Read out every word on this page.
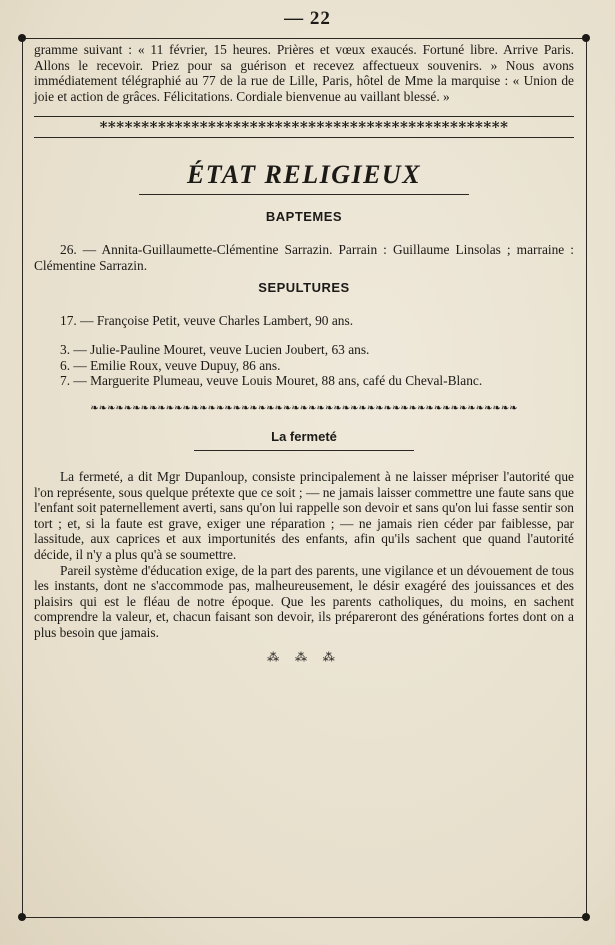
— 22

gramme suivant : « 11 février, 15 heures. Prières et vœux exaucés. Fortuné libre. Arrive Paris. Allons le recevoir. Priez pour sa guérison et recevez affectueux souvenirs. » Nous avons immédiatement télégraphié au 77 de la rue de Lille, Paris, hôtel de Mme la marquise : « Union de joie et action de grâces. Félicitations. Cordiale bienvenue au vaillant blessé. »

*************************************************
ÉTAT RELIGIEUX
BAPTEMES

26. — Annita-Guillaumette-Clémentine Sarrazin. Parrain : Guillaume Linsolas ; marraine : Clémentine Sarrazin.

SEPULTURES

17. — Françoise Petit, veuve Charles Lambert, 90 ans.

3. — Julie-Pauline Mouret, veuve Lucien Joubert, 63 ans.

6. — Emilie Roux, veuve Dupuy, 86 ans.

7. — Marguerite Plumeau, veuve Louis Mouret, 88 ans, café du Cheval-Blanc.

❧❧❧❧❧❧❧❧❧❧❧❧❧❧❧❧❧❧❧❧❧❧❧❧❧❧❧❧❧❧❧❧❧❧❧❧❧❧❧❧❧❧❧❧❧❧❧❧❧❧❧
La fermeté

La fermeté, a dit Mgr Dupanloup, consiste principalement à ne laisser mépriser l'autorité que l'on représente, sous quelque prétexte que ce soit ; — ne jamais laisser commettre une faute sans que l'enfant soit paternellement averti, sans qu'on lui rappelle son devoir et sans qu'on lui fasse sentir son tort ; et, si la faute est grave, exiger une réparation ; — ne jamais rien céder par faiblesse, par lassitude, aux caprices et aux importunités des enfants, afin qu'ils sachent que quand l'autorité décide, il n'y a plus qu'à se soumettre.

Pareil système d'éducation exige, de la part des parents, une vigilance et un dévouement de tous les instants, dont ne s'accommode pas, malheureusement, le désir exagéré des jouissances et des plaisirs qui est le fléau de notre époque. Que les parents catholiques, du moins, en sachent comprendre la valeur, et, chacun faisant son devoir, ils prépareront des générations fortes dont on a plus besoin que jamais.

⁂ ⁂ ⁂
